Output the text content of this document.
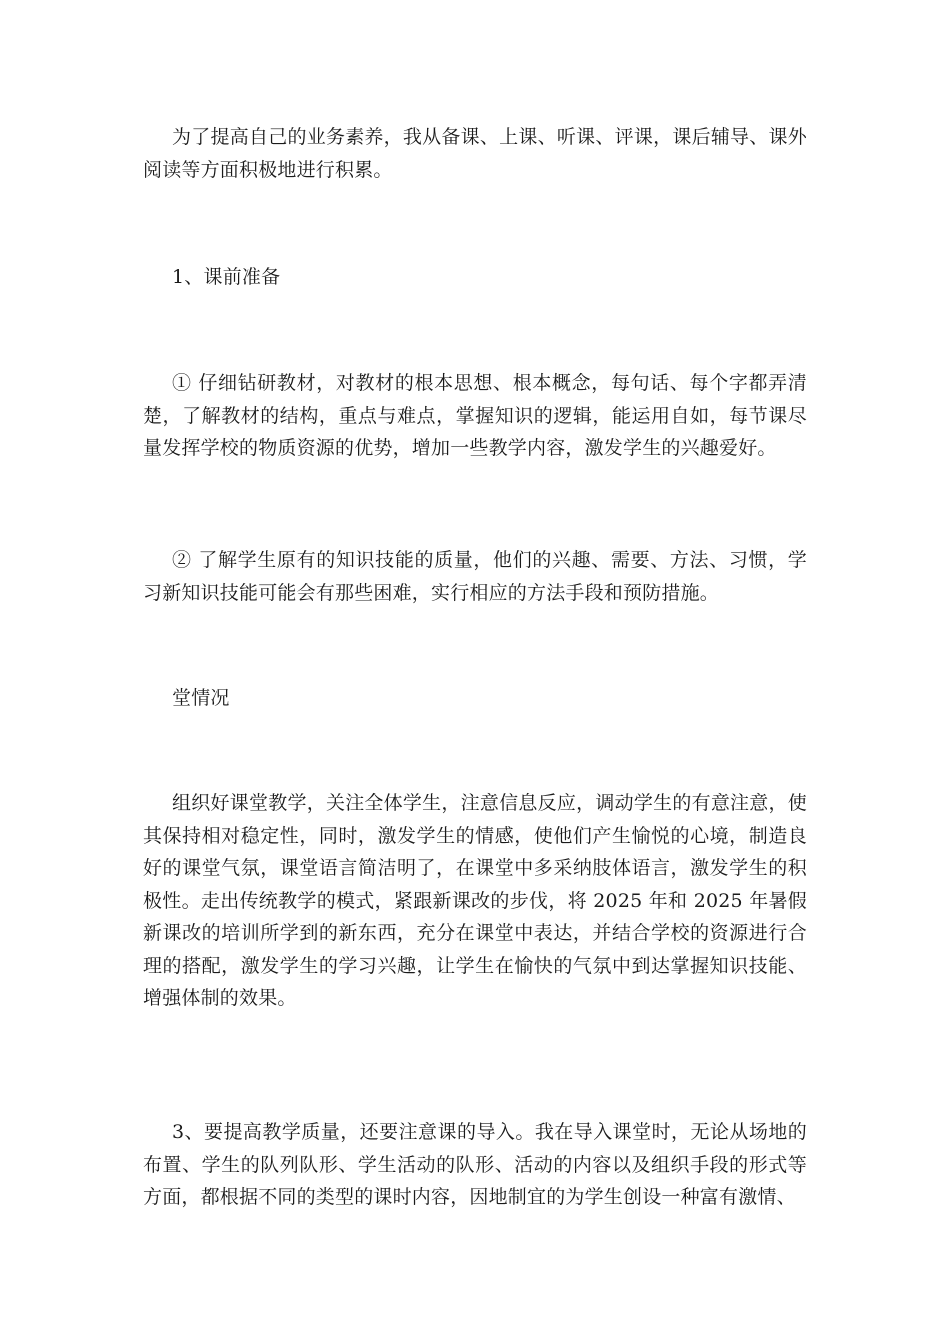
为了提高自己的业务素养，我从备课、上课、听课、评课，课后辅导、课外阅读等方面积极地进行积累。

1、课前准备

① 仔细钻研教材，对教材的根本思想、根本概念，每句话、每个字都弄清楚，了解教材的结构，重点与难点，掌握知识的逻辑，能运用自如，每节课尽量发挥学校的物质资源的优势，增加一些教学内容，激发学生的兴趣爱好。

② 了解学生原有的知识技能的质量，他们的兴趣、需要、方法、习惯，学习新知识技能可能会有那些困难，实行相应的方法手段和预防措施。

堂情况

组织好课堂教学，关注全体学生，注意信息反应，调动学生的有意注意，使其保持相对稳定性，同时，激发学生的情感，使他们产生愉悦的心境，制造良好的课堂气氛，课堂语言简洁明了，在课堂中多采纳肢体语言，激发学生的积极性。走出传统教学的模式，紧跟新课改的步伐，将 2025 年和 2025 年暑假新课改的培训所学到的新东西，充分在课堂中表达，并结合学校的资源进行合理的搭配，激发学生的学习兴趣，让学生在愉快的气氛中到达掌握知识技能、增强体制的效果。

3、要提高教学质量，还要注意课的导入。我在导入课堂时，无论从场地的布置、学生的队列队形、学生活动的队形、活动的内容以及组织手段的形式等方面，都根据不同的类型的课时内容，因地制宜的为学生创设一种富有激情、
